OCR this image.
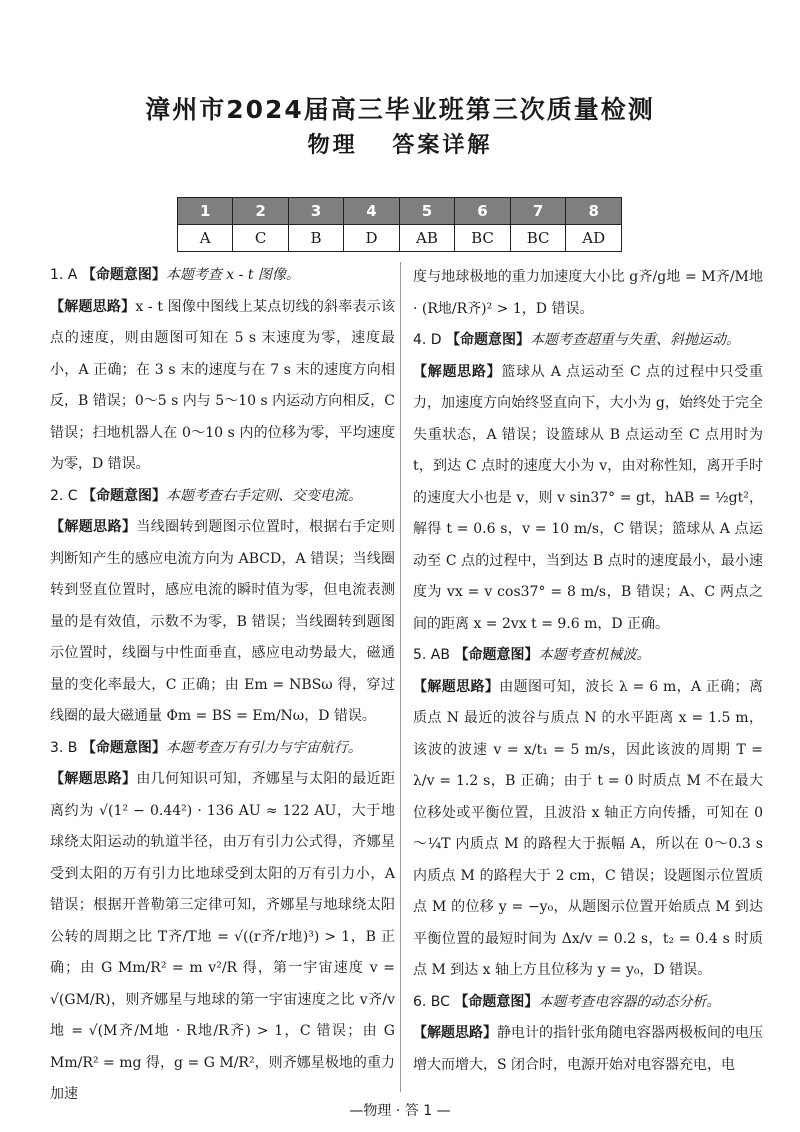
漳州市2024届高三毕业班第三次质量检测
物理 答案详解
1	2	3	4	5	6	7	8
A	C	B	D	AB	BC	BC	AD

1. A 【命题意图】本题考查 x - t 图像。

【解题思路】x - t 图像中图线上某点切线的斜率表示该点的速度，则由题图可知在 5 s 末速度为零，速度最小，A 正确；在 3 s 末的速度与在 7 s 末的速度方向相反，B 错误；0～5 s 内与 5～10 s 内运动方向相反，C 错误；扫地机器人在 0～10 s 内的位移为零，平均速度为零，D 错误。

2. C 【命题意图】本题考查右手定则、交变电流。

【解题思路】当线圈转到题图示位置时，根据右手定则判断知产生的感应电流方向为 ABCD，A 错误；当线圈转到竖直位置时，感应电流的瞬时值为零，但电流表测量的是有效值，示数不为零，B 错误；当线圈转到题图示位置时，线圈与中性面垂直，感应电动势最大，磁通量的变化率最大，C 正确；由 Em = NBSω 得，穿过线圈的最大磁通量 Φm = BS = Em/Nω，D 错误。

3. B 【命题意图】本题考查万有引力与宇宙航行。

【解题思路】由几何知识可知，齐娜星与太阳的最近距离约为 √(1² − 0.44²) · 136 AU ≈ 122 AU，大于地球绕太阳运动的轨道半径，由万有引力公式得，齐娜星受到太阳的万有引力比地球受到太阳的万有引力小，A 错误；根据开普勒第三定律可知，齐娜星与地球绕太阳公转的周期之比 T齐/T地 = √((r齐/r地)³) > 1，B 正确；由 G Mm/R² = m v²/R 得，第一宇宙速度 v = √(GM/R)，则齐娜星与地球的第一宇宙速度之比 v齐/v地 = √(M齐/M地 · R地/R齐) > 1，C 错误；由 G Mm/R² = mg 得，g = G M/R²，则齐娜星极地的重力加速

度与地球极地的重力加速度大小比 g齐/g地 = M齐/M地 · (R地/R齐)² > 1，D 错误。

4. D 【命题意图】本题考查超重与失重、斜抛运动。

【解题思路】篮球从 A 点运动至 C 点的过程中只受重力，加速度方向始终竖直向下，大小为 g，始终处于完全失重状态，A 错误；设篮球从 B 点运动至 C 点用时为 t，到达 C 点时的速度大小为 v，由对称性知，离开手时的速度大小也是 v，则 v sin37° = gt，hAB = ½gt²，解得 t = 0.6 s，v = 10 m/s，C 错误；篮球从 A 点运动至 C 点的过程中，当到达 B 点时的速度最小，最小速度为 vx = v cos37° = 8 m/s，B 错误；A、C 两点之间的距离 x = 2vx t = 9.6 m，D 正确。

5. AB 【命题意图】本题考查机械波。

【解题思路】由题图可知，波长 λ = 6 m，A 正确；离质点 N 最近的波谷与质点 N 的水平距离 x = 1.5 m，该波的波速 v = x/t₁ = 5 m/s，因此该波的周期 T = λ/v = 1.2 s，B 正确；由于 t = 0 时质点 M 不在最大位移处或平衡位置，且波沿 x 轴正方向传播，可知在 0～¼T 内质点 M 的路程大于振幅 A，所以在 0～0.3 s 内质点 M 的路程大于 2 cm，C 错误；设题图示位置质点 M 的位移 y = −y₀，从题图示位置开始质点 M 到达平衡位置的最短时间为 Δx/v = 0.2 s，t₂ = 0.4 s 时质点 M 到达 x 轴上方且位移为 y = y₀，D 错误。

6. BC 【命题意图】本题考查电容器的动态分析。

【解题思路】静电计的指针张角随电容器两极板间的电压增大而增大，S 闭合时，电源开始对电容器充电，电

—物理 · 答 1 —
